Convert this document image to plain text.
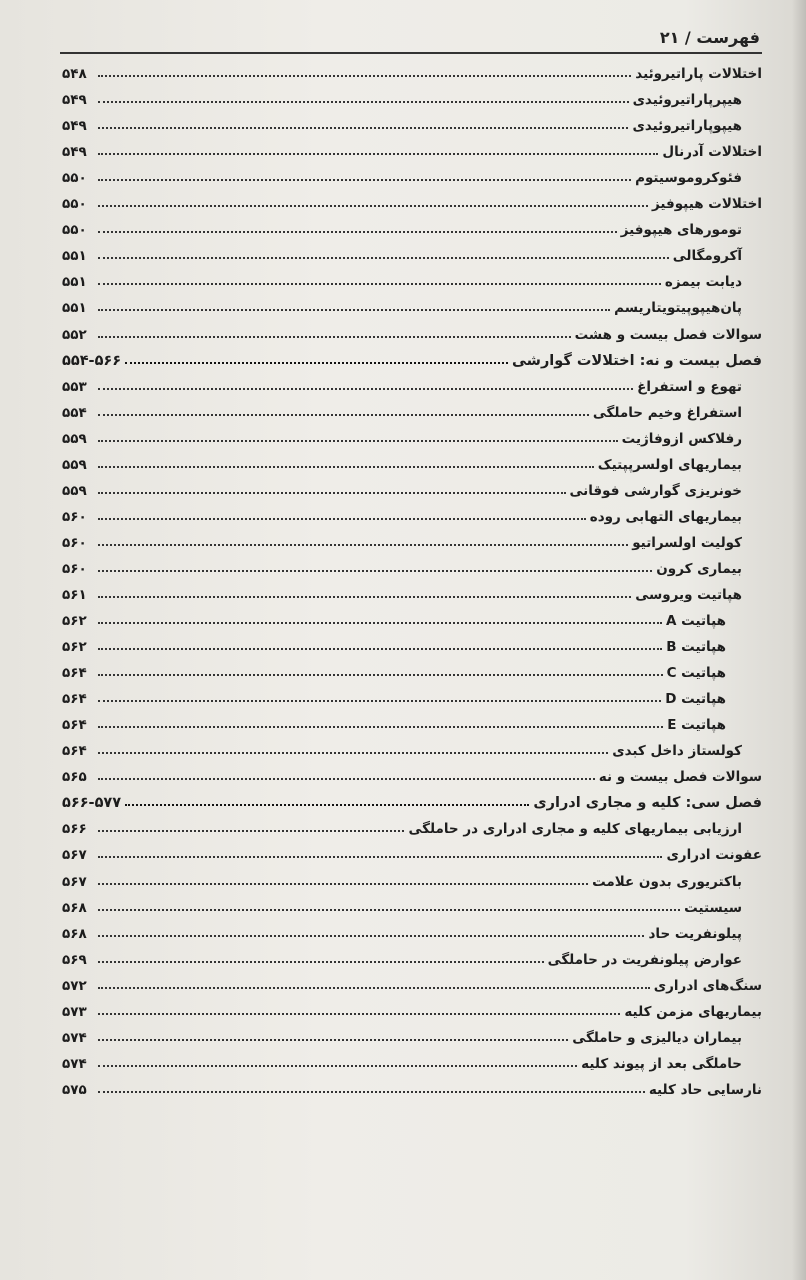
فهرست / ۲۱
اختلالات پاراتیروئید
۵۴۸
هیپرپاراتیروئیدی
۵۴۹
هیپوپاراتیروئیدی
۵۴۹
اختلالات آدرنال
۵۴۹
فئوکروموسیتوم
۵۵۰
اختلالات هیپوفیز
۵۵۰
تومورهای هیپوفیز
۵۵۰
آکرومگالی
۵۵۱
دیابت بیمزه
۵۵۱
پان‌هیپوپیتویتاریسم
۵۵۱
سوالات فصل بیست و هشت
۵۵۲
فصل بیست و نه: اختلالات گوارشی
۵۵۴-۵۶۶
تهوع و استفراغ
۵۵۳
استفراغ وخیم حاملگی
۵۵۴
رفلاکس ازوفاژیت
۵۵۹
بیماریهای اولسرپپتیک
۵۵۹
خونریزی گوارشی فوقانی
۵۵۹
بیماریهای التهابی روده
۵۶۰
کولیت اولسراتیو
۵۶۰
بیماری کرون
۵۶۰
هپاتیت ویروسی
۵۶۱
هپاتیت A
۵۶۲
هپاتیت B
۵۶۲
هپاتیت C
۵۶۴
هپاتیت D
۵۶۴
هپاتیت E
۵۶۴
کولستاز داخل کبدی
۵۶۴
سوالات فصل بیست و نه
۵۶۵
فصل سی: کلیه و مجاری ادراری
۵۶۶-۵۷۷
ارزیابی بیماریهای کلیه و مجاری ادراری در حاملگی
۵۶۶
عفونت ادراری
۵۶۷
باکتریوری بدون علامت
۵۶۷
سیستیت
۵۶۸
پیلونفریت حاد
۵۶۸
عوارض پیلونفریت در حاملگی
۵۶۹
سنگ‌های ادراری
۵۷۲
بیماریهای مزمن کلیه
۵۷۳
بیماران دیالیزی و حاملگی
۵۷۴
حاملگی بعد از پیوند کلیه
۵۷۴
نارسایی حاد کلیه
۵۷۵
